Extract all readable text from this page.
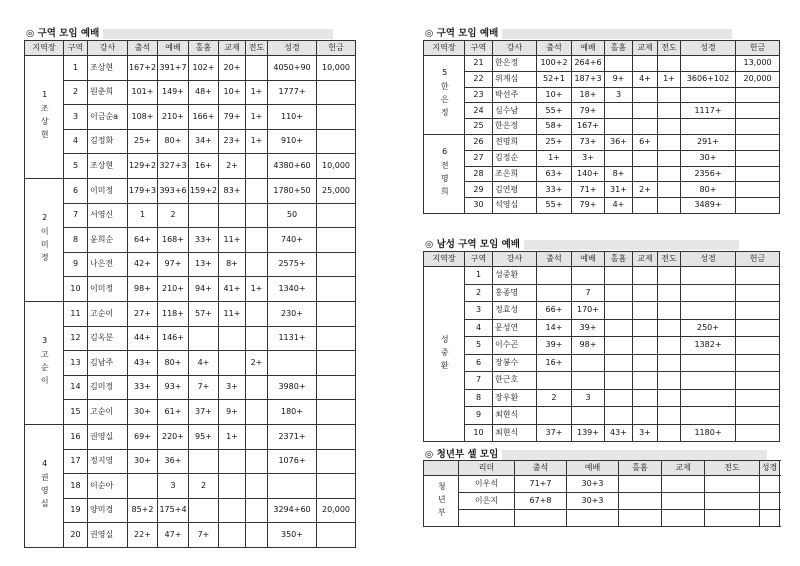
◎ 구역 모임 예배
지역장	구역	강사	출석	예배	홀홈	교제	전도	성경	헌금
1조상현	1	조상현	167+2	391+7	102+	20+		4050+90	10,000
	2	원춘희	101+	149+	48+	10+	1+	1777+	
	3	이금순a	108+	210+	166+	79+	1+	110+	
	4	김정화	25+	80+	34+	23+	1+	910+	
	5	조상현	129+2	327+3	16+	2+		4380+60	10,000
2이미정	6	이미정	179+3	393+6	159+2	83+		1780+50	25,000
	7	서영신	1	2				50	
	8	윤희순	64+	168+	33+	11+		740+	
	9	나은전	42+	97+	13+	8+		2575+	
	10	이미정	98+	210+	94+	41+	1+	1340+	
3고순이	11	고순이	27+	118+	57+	11+		230+	
	12	김옥분	44+	146+				1131+	
	13	김남주	43+	80+	4+		2+		
	14	김미정	33+	93+	7+	3+		3980+	
	15	고순이	30+	61+	37+	9+		180+	
4권영실	16	권영실	69+	220+	95+	1+		2371+	
	17	정지영	30+	36+				1076+	
	18	이순아		3	2				
	19	양미경	85+2	175+4				3294+60	20,000
	20	권영실	22+	47+	7+			350+	
◎ 구역 모임 예배
지역장	구역	강사	출석	예배	홀홈	교제	전도	성경	헌금
5한은정	21	한은정	100+2	264+6					13,000
	22	위계심	52+1	187+3	9+	4+	1+	3606+102	20,000
	23	박선주	10+	18+	3				
	24	심수남	55+	79+				1117+	
	25	한은정	58+	167+					
6전명희	26	전명희	25+	73+	36+	6+		291+	
	27	김정순	1+	3+				30+	
	28	조은희	63+	140+	8+			2356+	
	29	김연평	33+	71+	31+	2+		80+	
	30	석영심	55+	79+	4+			3489+	
◎ 남성 구역 모임 예배
지역장	구역	강사	출석	예배	홀홈	교제	전도	성경	헌금
성중환	1	성중환							
	2	홍종명		7					
	3	정효성	66+	170+					
	4	문성연	14+	39+				250+	
	5	이수곤	39+	98+				1382+	
	6	장봉수	16+						
	7	한근호							
	8	장우환	2	3					
	9	최현식							
	10	최현식	37+	139+	43+	3+		1180+	
◎ 청년부 셀 모임
	리더	출석	예배	홀홈	교제	전도	성경
청년부	이우석	71+7	30+3				
	이은지	67+8	30+3				
